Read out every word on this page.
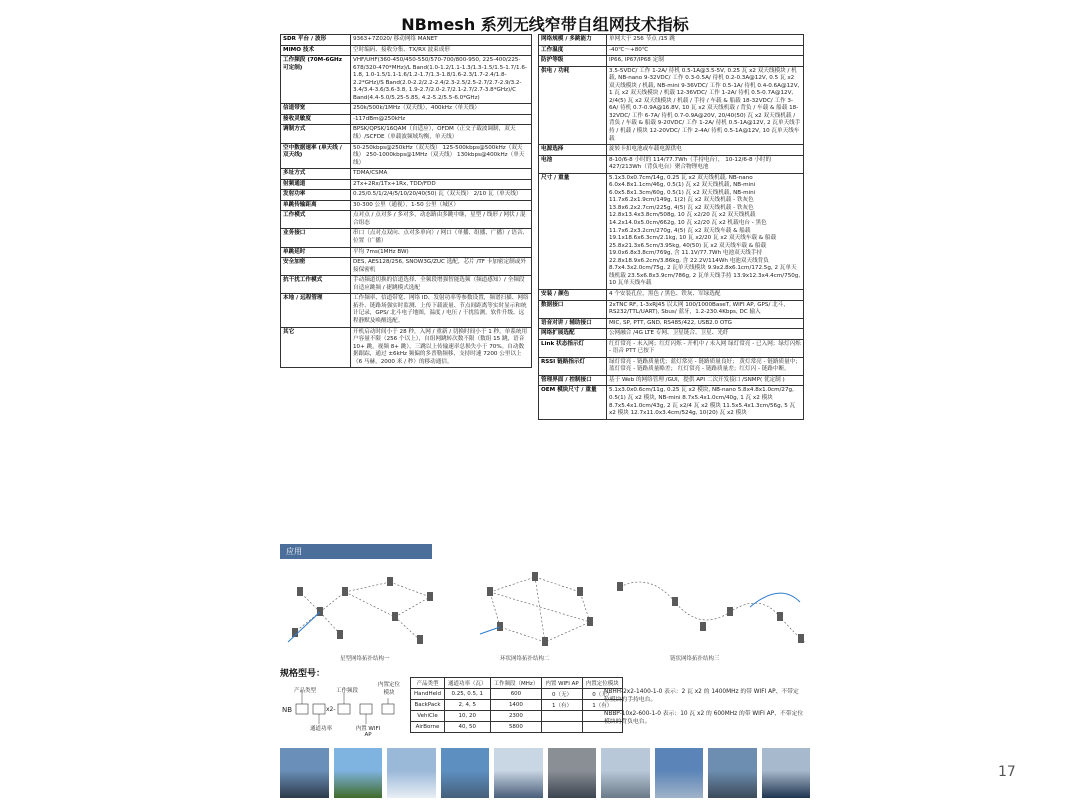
NBmesh 系列无线窄带自组网技术指标
SDR 平台 / 波形	9363+7Z020/ 移动网络 MANET
MIMO 技术	空时编码、接收分集、TX/RX 波束成形
工作频段 (70M-6GHz 可定制)	VHF/UHF(360-450/450-550/570-700/800-950, 225-400/225-678/320-470*MHz)/L Band(1.0-1.2/1.1-1.3/1.3-1.5/1.5-1.7/1.6-1.8, 1.0-1.5/1.1-1.6/1.2-1.7/1.3-1.8/1.6-2.3/1.7-2.4/1.8-2.2*GHz)/S Band(2.0-2.2/2.2-2.4/2.3-2.5/2.5-2.7/2.7-2.9/3.2-3.4/3.4-3.6/3.6-3.8, 1.9-2.7/2.0-2.7/2.1-2.7/2.7-3.8*GHz)/C Band(4.4-5.0/5.25-5.85, 4.2-5.2/5.5-6.0*GHz)
信道带宽	250k/500k/1MHz（双天线），400kHz（单天线）
接收灵敏度	-117dBm@250kHz
调制方式	BPSK/QPSK/16QAM（自适应），OFDM（正交子载波调制，双天线）/SCFDE（单载波频域均衡，单天线）
空中数据速率 (单天线 / 双天线)	50-250kbps@250kHz（双天线） 125-500kbps@500kHz（双天线） 250-1000kbps@1MHz（双天线） 130kbps@400kHz（单天线）
多址方式	TDMA/CSMA
射频通道	2Tx+2Rx/1Tx+1Rx, TDD/FDD
发射功率	0.25/0.5/1/2/4/5/10/20/40(50) 瓦（双天线） 2/10 瓦（单天线）
单跳传输距离	30-300 公里（通视），1-50 公里（城区）
工作模式	点对点 / 点对多 / 多对多，动态路由多跳中继，星型 / 线形 / 网状 / 混合组态
业务接口	串口（点对点双向、点对多单向）/ 网口（单播、组播、广播）/ 语音、位置（广播）
单跳延时	平均 7ms(1MHz BW)
安全加密	DES, AES128/256, SNOW3G/ZUC 选配，芯片 /TF 卡加密定制或外接保密机
抗干扰工作模式	手动频道切换的信道选择、全频段增强智能选频（频道感知）/ 全频段自适应跳频 / 捷跳模式选配
本地 / 远程管理	工作频率、信道带宽、网络 ID、发射功率等参数设置，频谱扫描、网络拓扑、链路场强实时监测、上传下载流量、节点间距离等实时显示和统计记录，GPS/ 北斗电子地图，温度 / 电压 / 干扰监测，软件升级、远程静默及唤醒选配。
其它	开机启动时间小于 28 秒，入网 / 重新 / 切换时间小于 1 秒，单系统用户容量不限（256 个以上），自组网跳转次数不限（数组 15 跳，语音 10+ 跳，视频 8+ 跳），三跳以上传输速率总损失小于 70%。自动数据跟踪，通过 ±6kHz 频偏的多普勒频移，支持时速 7200 公里以上（6 马赫，2000 米 / 秒）的移动通信。
网络规模 / 多跳能力	单网大于 256 节点 /15 跳
工作温度	-40℃～+80℃
防护等级	IP66, IP67/IP68 定制
供电 / 功耗	3.5-5VDC/ 工作 1-2A/ 待机 0.5-1A@3.5-5V, 0.25 瓦 x2 双天线模块 / 机载, NB-nano 9-32VDC/ 工作 0.3-0.5A/ 待机 0.2-0.3A@12V, 0.5 瓦 x2 双天线模块 / 机载, NB-mini 9-36VDC/ 工作 0.5-1A/ 待机 0.4-0.6A@12V, 1 瓦 x2 双天线模块 / 机载 12-36VDC/ 工作 1-2A/ 待机 0.5-0.7A@12V, 2/4(5) 瓦 x2 双天线模块 / 机载 / 手持 / 车载 & 船载 18-32VDC/ 工作 3-6A/ 待机 0.7-0.9A@16.8V, 10 瓦 x2 双天线机载 / 背负 / 车载 & 船载 18-32VDC/ 工作 6-7A/ 待机 0.7-0.9A@20V, 20/40(50) 瓦 x2 双天线机载 / 背负 / 车载 & 船载 9-20VDC/ 工作 1-2A/ 待机 0.5-1A@12V, 2 瓦单天线手持 / 机载 / 模块 12-20VDC/ 工作 2-4A/ 待机 0.5-1A@12V, 10 瓦单天线车载
电源选择	旋转卡扣电池或车载电源供电
电池	8-10/6-8 小时的 114/77.7Wh（手持电台）， 10-12/6-8 小时的 427/213Wh（背负电台）聚合物锂电池
尺寸 / 重量	5.1x3.0x0.7cm/14g, 0.25 瓦 x2 双天线机载, NB-nano 6.0x4.8x1.1cm/46g, 0.5(1) 瓦 x2 双天线机载, NB-mini 6.0x5.8x1.3cm/60g, 0.5(1) 瓦 x2 双天线机载, NB-mini 11.7x6.2x1.9cm/149g, 1(2) 瓦 x2 双天线机载 - 铁灰色 13.8x6.2x2.7cm/225g, 4(5) 瓦 x2 双天线机载 - 铁灰色 12.8x13.4x3.8cm/508g, 10 瓦 x2/20 瓦 x2 双天线机载 14.2x14.0x5.0cm/662g, 10 瓦 x2/20 瓦 x2 机载电台 - 黑色 11.7x6.2x3.2cm/270g, 4(5) 瓦 x2 双天线车载 & 船载 19.1x18.6x6.3cm/2.1kg, 10 瓦 x2/20 瓦 x2 双天线车载 & 船载 25.8x21.3x6.5cm/3.95kg, 40(50) 瓦 x2 双天线车载 & 船载 19.0x6.8x3.8cm/769g, 含 11.1V/77.7Wh 电池双天线手持 22.8x18.9x6.2cm/3.86kg, 含 22.2V/114Wh 电池双天线背负 8.7x4.3x2.0cm/75g, 2 瓦单天线模块 9.9x2.8x6.1cm/172.5g, 2 瓦单天线机载 23.5x6.8x3.9cm/786g, 2 瓦单天线手持 13.9x12.3x4.4cm/750g, 10 瓦单天线车载
安装 / 颜色	4 个安装孔位，黑色 / 黑色、铁灰、军绿选配
数据接口	2xTNC RF, 1-3xRJ45 以太网 100/1000BaseT, WIFI AP, GPS/ 北斗，RS232/TTL/UART), Sbus/ 蓝牙，1.2-230.4Kbps, DC 输入
语音对讲 / 辅助接口	MIC, SP, PTT, GND, RS485/422, USB2.0 OTG
网络扩展选配	公网融合 /4G LTE 专网、卫星链合、卫星、光纤
Link 状态指示灯	红灯常亮 - 未入网；红灯闪烁 - 开机中 / 未入网 绿灯常亮 - 已入网；绿灯闪烁 - 语音 PTT 已按下
RSSI 链路指示灯	绿灯常亮 - 链路质量优；蓝灯常亮 - 链路质量良好； 黄灯常亮 - 链路质量中；蓝灯常亮 - 链路质量略差； 红灯常亮 - 链路质量差；红灯闪 - 链路中断。
管理界面 / 控制接口	基于 Web 的网络管理 /GUI，提供 API 二次开发接口 /SNMP( 优定制 )
OEM 模块尺寸 / 重量	5.1x3.0x0.6cm/11g, 0.25 瓦 x2 模块, NB-nano 5.8x4.8x1.0cm/27g, 0.5(1) 瓦 x2 模块, NB-mini 8.7x5.4x1.0cm/40g, 1 瓦 x2 模块 8.7x5.4x1.0cm/43g, 2 瓦 x2/4 瓦 x2 模块 11.5x5.4x1.3cm/56g, 5 瓦 x2 模块 12.7x11.0x3.4cm/524g, 10(20) 瓦 x2 模块
应用
星型网络拓扑结构一	环状网络拓扑结构二	链状网络拓扑结构三
规格型号：
产品类型	工作频段
内置定位模块
NB	x2-
通道功率	内置 WIFI AP
产品类型	通道功率（瓦）	工作频段（MHz）	内置 WIFI AP	内置定位模块
HandHeld	0.25, 0.5, 1	600	0（无）	0（无）
BackPack	2, 4, 5	1400	1（有）	1（有）
VehiCle	10, 20	2300		
AirBorne	40, 50	5800		

NBHH-2x2-1400-1-0 表示：2 瓦 x2 的 1400MHz 的带 WIFI AP、不带定位模块的手持电台。

NBBP-10x2-600-1-0 表示：10 瓦 x2 的 600MHz 的带 WIFI AP、不带定位模块的背负电台。

17
